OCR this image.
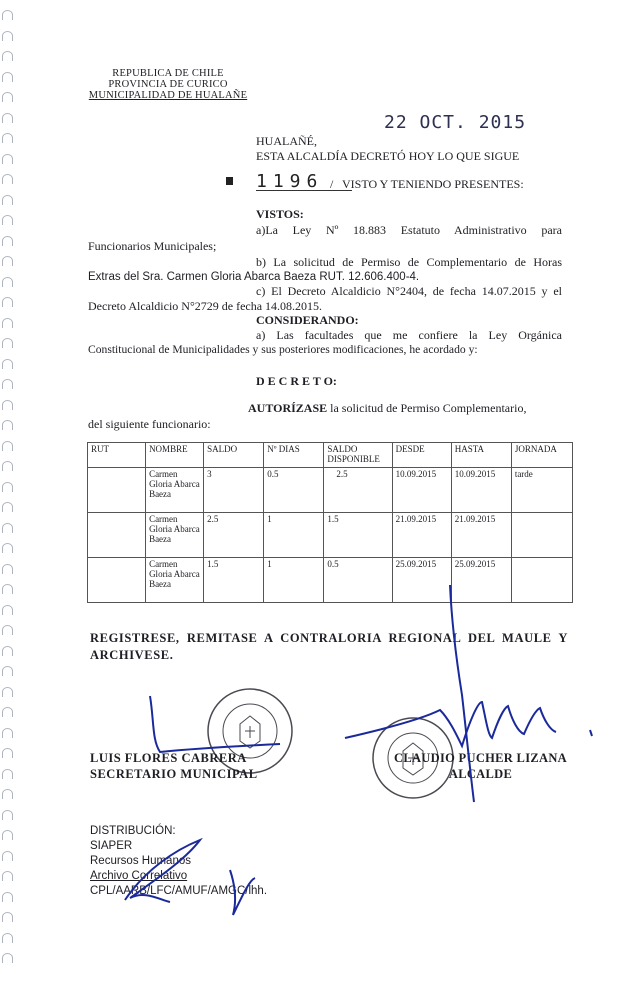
REPUBLICA DE CHILE
PROVINCIA DE CURICO
MUNICIPALIDAD DE HUALAÑE
22 OCT. 2015
HUALAÑÉ,
ESTA ALCALDÍA DECRETÓ HOY LO QUE SIGUE
1196 / VISTO Y TENIENDO PRESENTES:
VISTOS:
a)La Ley Nº 18.883 Estatuto Administrativo para
Funcionarios Municipales;
b) La solicitud de Permiso de Complementario de Horas
Extras del Sra. Carmen Gloria Abarca Baeza RUT. 12.606.400-4.
c) El Decreto Alcaldicio N°2404, de fecha 14.07.2015 y el
Decreto Alcaldicio N°2729 de fecha 14.08.2015.
CONSIDERANDO:
a) Las facultades que me confiere la Ley Orgánica
Constitucional de Municipalidades y sus posteriores modificaciones, he acordado y:
D E C R E T O:
AUTORÍZASE la solicitud de Permiso Complementario,
del siguiente funcionario:
RUT	NOMBRE	SALDO	Nº DIAS	SALDO DISPONIBLE	DESDE	HASTA	JORNADA
	Carmen Gloria Abarca Baeza	3	0.5	2.5	10.09.2015	10.09.2015	tarde
	Carmen Gloria Abarca Baeza	2.5	1	1.5	21.09.2015	21.09.2015	
	Carmen Gloria Abarca Baeza	1.5	1	0.5	25.09.2015	25.09.2015	
REGISTRESE, REMITASE A CONTRALORIA REGIONAL DEL MAULE Y
ARCHIVESE.
LUIS FLORES CABRERA
SECRETARIO MUNICIPAL
CLAUDIO PUCHER LIZANA
ALCALDE
DISTRIBUCIÓN:
SIAPER
Recursos Humanos
Archivo Correlativo
CPL/AARB/LFC/AMUF/AMGC/lhh.
